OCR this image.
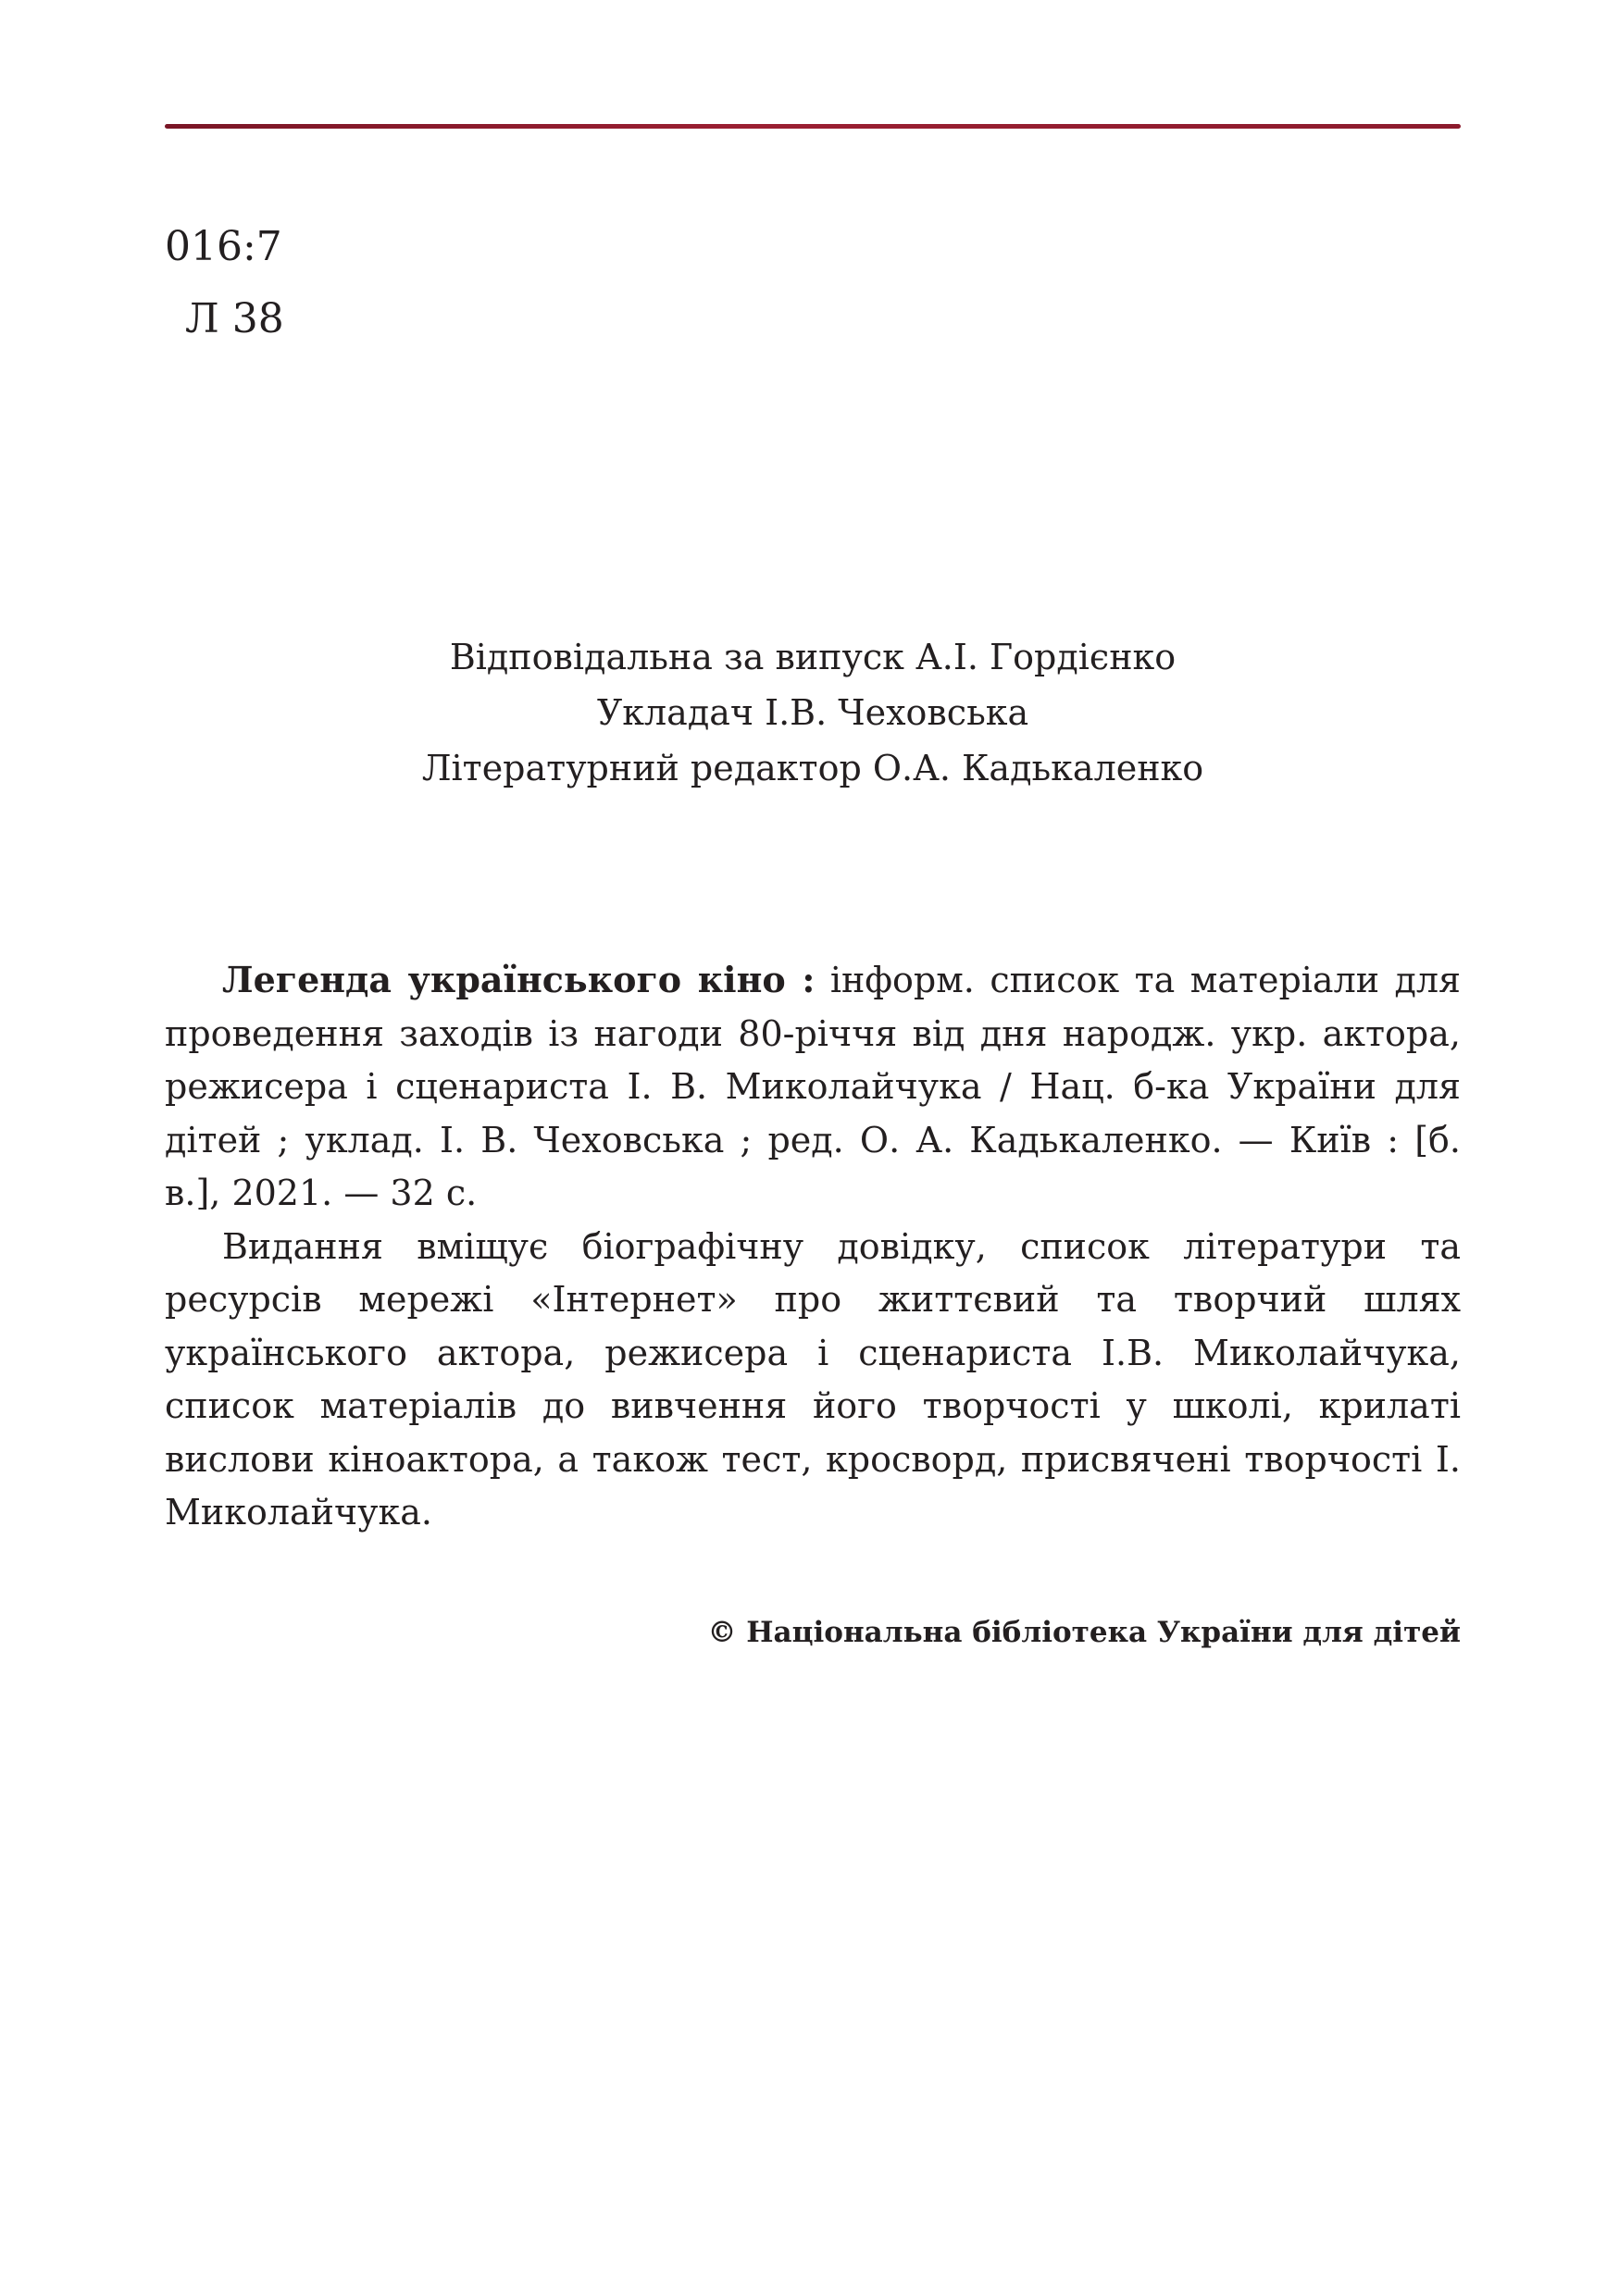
016:7
Л 38
Відповідальна за випуск А.І. Гордієнко
Укладач І.В. Чеховська
Літературний редактор О.А. Кадькаленко

Легенда українського кіно : інформ. список та матеріали для проведення заходів із нагоди 80-річчя від дня народж. укр. актора, режисера і сценариста І. В. Миколайчука / Нац. б-ка України для дітей ; уклад. І. В. Чеховська ; ред. О. А. Кадькаленко. — Київ : [б. в.], 2021. — 32 с.

Видання вміщує біографічну довідку, список літератури та ресурсів мережі «Інтернет» про життєвий та творчий шлях українського актора, режисера і сценариста І.В. Миколайчука, список матеріалів до вивчення його творчості у школі, крилаті вислови кіноактора, а також тест, кросворд, присвячені творчості І. Миколайчука.

© Національна бібліотека України для дітей
